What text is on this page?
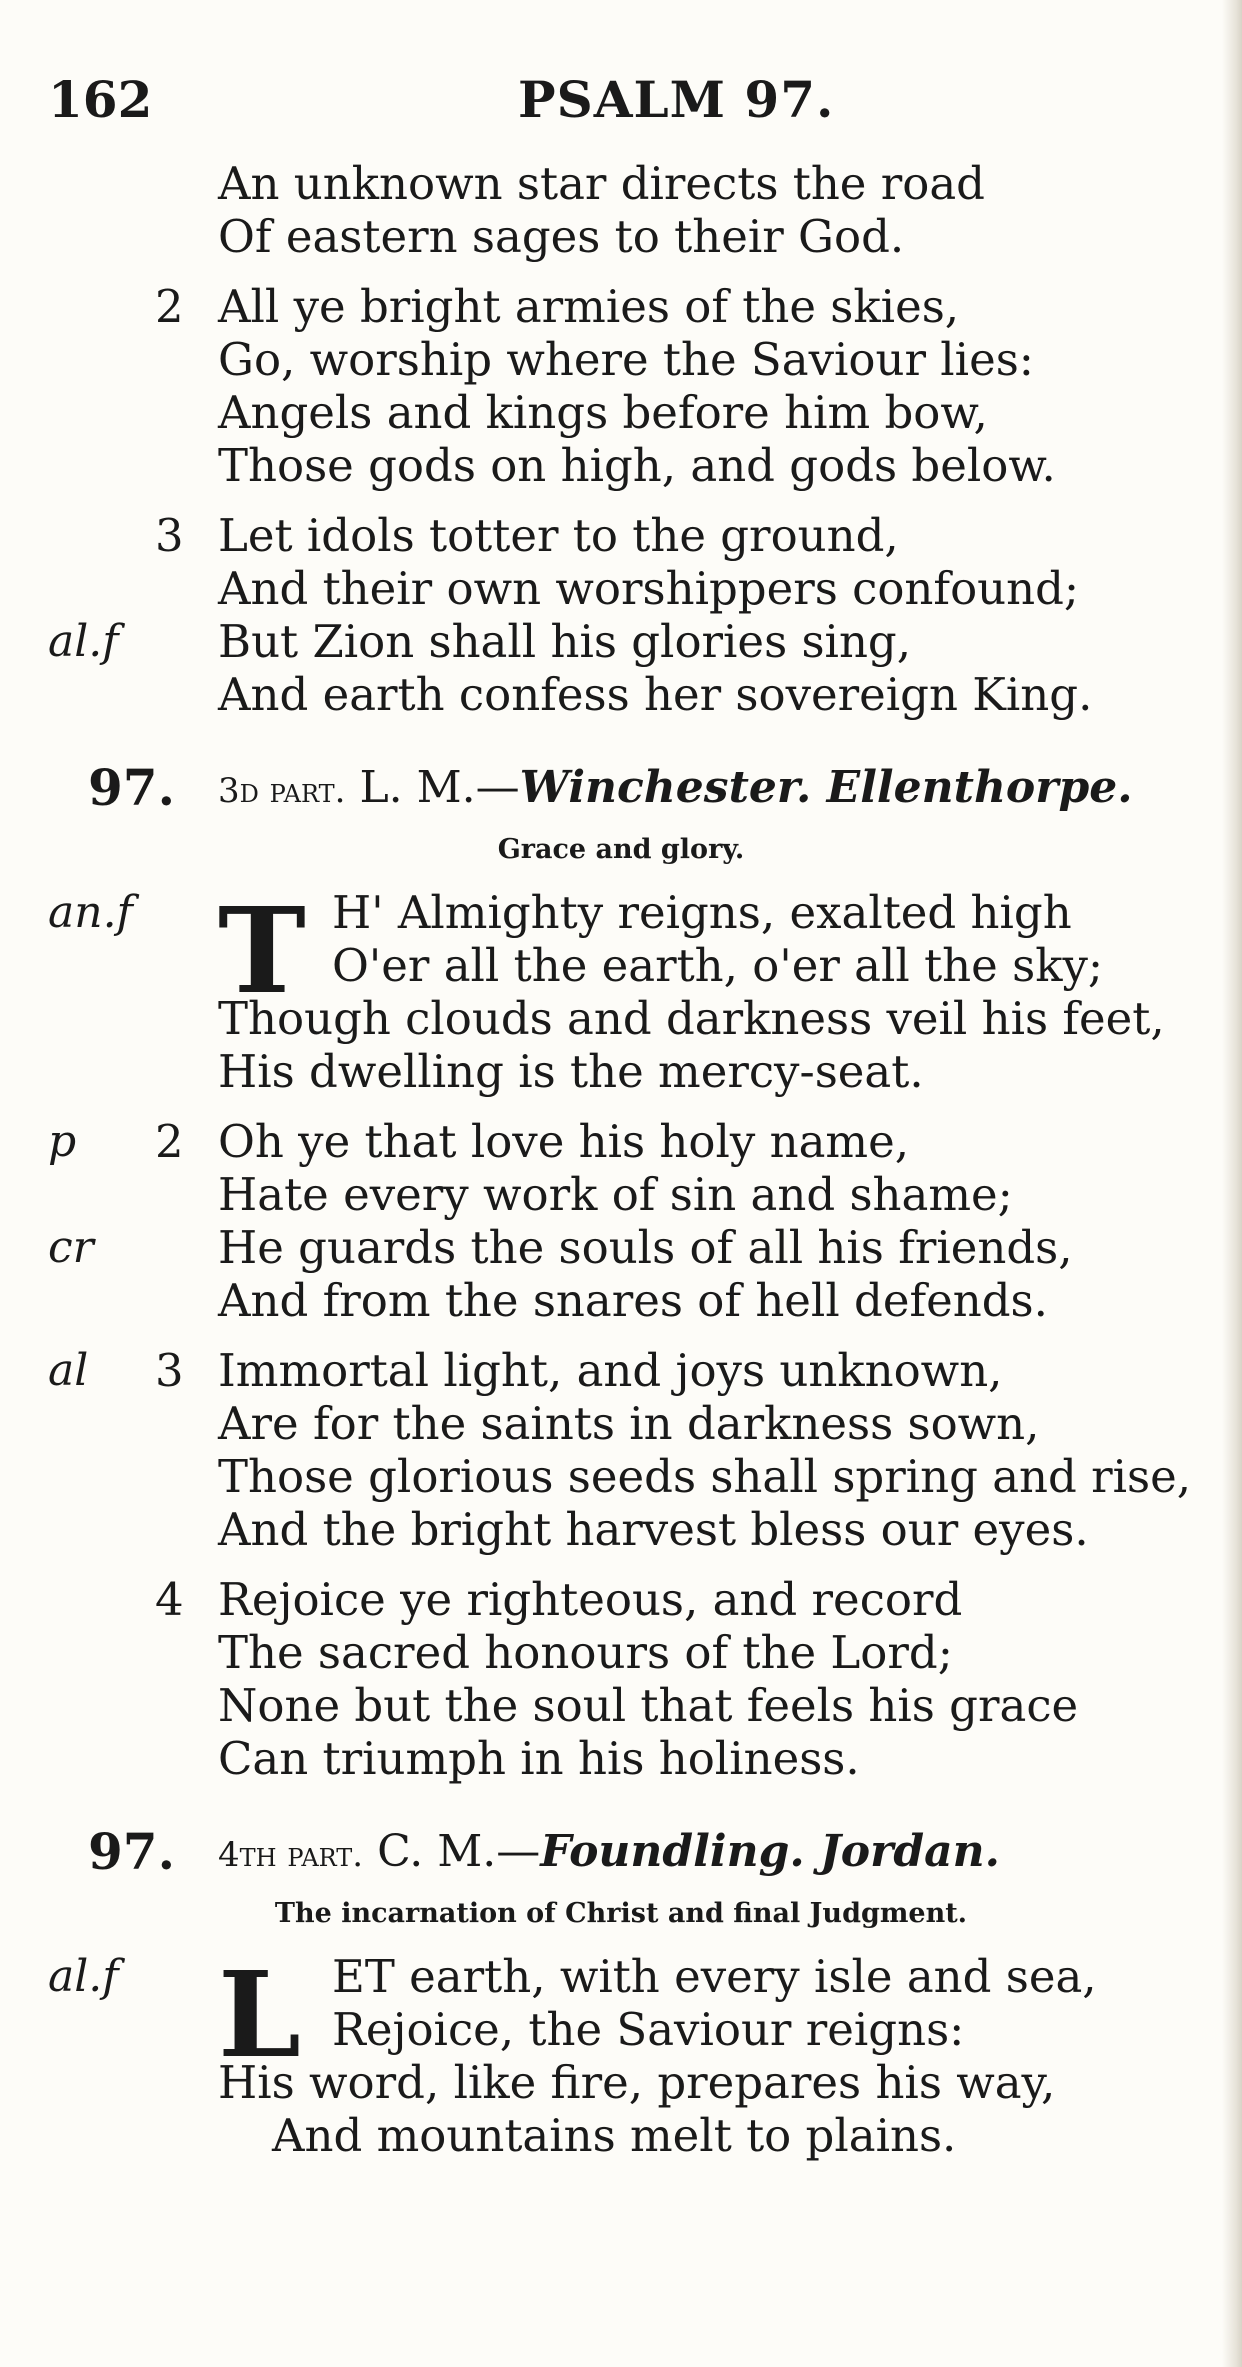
162	PSALM 97.
An unknown star directs the road
Of eastern sages to their God.
2 All ye bright armies of the skies,
Go, worship where the Saviour lies:
Angels and kings before him bow,
Those gods on high, and gods below.
3 Let idols totter to the ground,
And their own worshippers confound;
al.f But Zion shall his glories sing,
And earth confess her sovereign King.
97. 3d part. L. M.—Winchester. Ellenthorpe.
Grace and glory.
an.f T H' Almighty reigns, exalted high
O'er all the earth, o'er all the sky;
Though clouds and darkness veil his feet,
His dwelling is the mercy-seat.
p 2 Oh ye that love his holy name,
Hate every work of sin and shame;
cr	He guards the souls of all his friends,
And from the snares of hell defends.
al 3 Immortal light, and joys unknown,
Are for the saints in darkness sown,
Those glorious seeds shall spring and rise,
And the bright harvest bless our eyes.
4 Rejoice ye righteous, and record
The sacred honours of the Lord;
None but the soul that feels his grace
Can triumph in his holiness.
97. 4th part. C. M.—Foundling. Jordan.
The incarnation of Christ and final Judgment.
al.f L ET earth, with every isle and sea,
Rejoice, the Saviour reigns:
His word, like fire, prepares his way,
And mountains melt to plains.
